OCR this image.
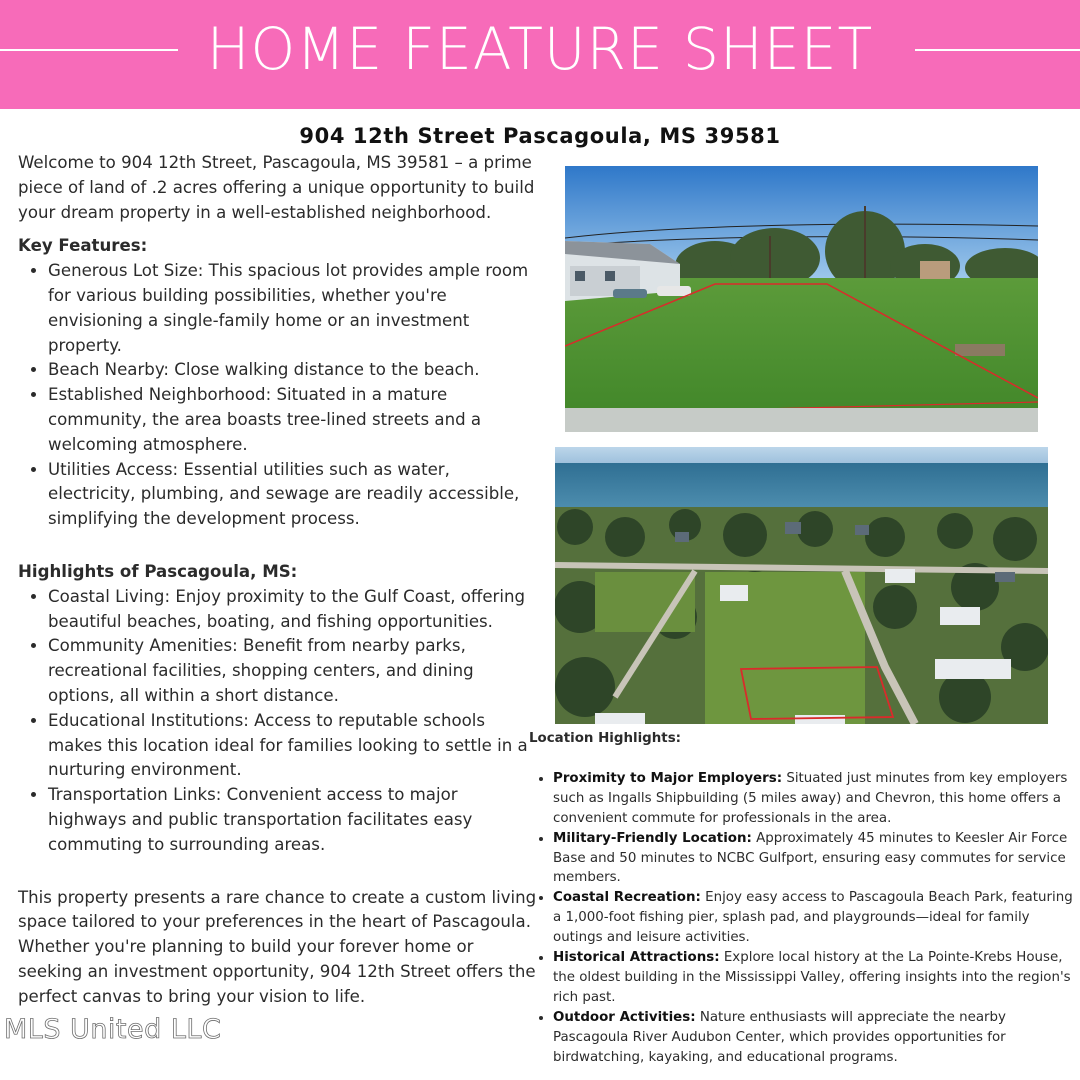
HOME FEATURE SHEET
904 12th Street Pascagoula, MS 39581

Welcome to 904 12th Street, Pascagoula, MS 39581 – a prime piece of land of .2 acres offering a unique opportunity to build your dream property in a well-established neighborhood.

Key Features:

• Generous Lot Size: This spacious lot provides ample room for various building possibilities, whether you're envisioning a single-family home or an investment property.
• Beach Nearby: Close walking distance to the beach.
• Established Neighborhood: Situated in a mature community, the area boasts tree-lined streets and a welcoming atmosphere.
• Utilities Access: Essential utilities such as water, electricity, plumbing, and sewage are readily accessible, simplifying the development process.

Highlights of Pascagoula, MS:

• Coastal Living: Enjoy proximity to the Gulf Coast, offering beautiful beaches, boating, and fishing opportunities.
• Community Amenities: Benefit from nearby parks, recreational facilities, shopping centers, and dining options, all within a short distance.
• Educational Institutions: Access to reputable schools makes this location ideal for families looking to settle in a nurturing environment.
• Transportation Links: Convenient access to major highways and public transportation facilitates easy commuting to surrounding areas.

This property presents a rare chance to create a custom living space tailored to your preferences in the heart of Pascagoula. Whether you're planning to build your forever home or seeking an investment opportunity, 904 12th Street offers the perfect canvas to bring your vision to life.

Location Highlights:

• Proximity to Major Employers: Situated just minutes from key employers such as Ingalls Shipbuilding (5 miles away) and Chevron, this home offers a convenient commute for professionals in the area.
• Military-Friendly Location: Approximately 45 minutes to Keesler Air Force Base and 50 minutes to NCBC Gulfport, ensuring easy commutes for service members.
• Coastal Recreation: Enjoy easy access to Pascagoula Beach Park, featuring a 1,000-foot fishing pier, splash pad, and playgrounds—ideal for family outings and leisure activities.
• Historical Attractions: Explore local history at the La Pointe-Krebs House, the oldest building in the Mississippi Valley, offering insights into the region's rich past.
• Outdoor Activities: Nature enthusiasts will appreciate the nearby Pascagoula River Audubon Center, which provides opportunities for birdwatching, kayaking, and educational programs.
MLS United LLC
